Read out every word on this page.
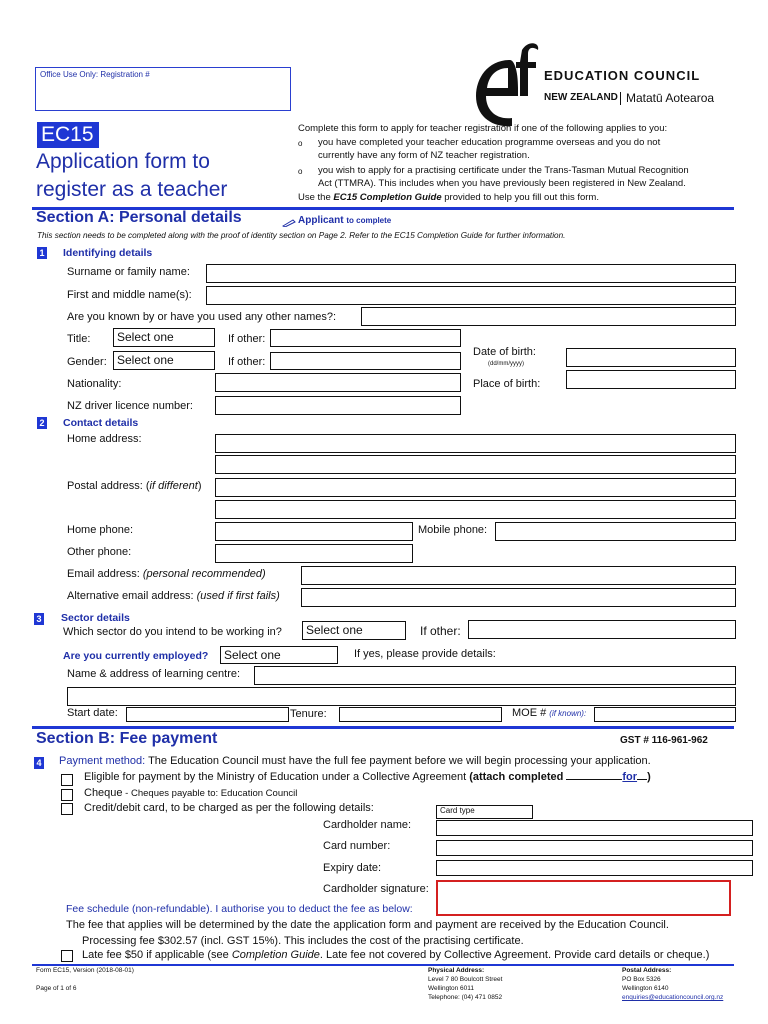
Office Use Only: Registration #	EDUCATION COUNCIL
NEW ZEALAND Matatū Aotearoa
EC15
Application form to
register as a teacher
Complete this form to apply for teacher registration if one of the following applies to you:
o you have completed your teacher education programme overseas and you do not
currently have any form of NZ teacher registration.
o you wish to apply for a practising certificate under the Trans-Tasman Mutual Recognition
Act (TTMRA). This includes when you have previously been registered in New Zealand.
Use the EC15 Completion Guide provided to help you fill out this form.
Section A: Personal details	Applicant to complete
This section needs to be completed along with the proof of identity section on Page 2. Refer to the EC15 Completion Guide for further information.
1 Identifying details
Surname or family name:
First and middle name(s):
Are you known by or have you used any other names?:
Title:	Select one	If other:
Gender: Select one	If other:
Date of birth:
(dd/mm/yyyy)
Nationality:	Place of birth:
NZ driver licence number:
2 Contact details
Home address:
Postal address: (if different)
Home phone:	Mobile phone:
Other phone:
Email address: (personal recommended)
Alternative email address: (used if first fails)
3 Sector details
Which sector do you intend to be working in?	Select one	If other:
Are you currently employed?	Select one	If yes, please provide details:
Name & address of learning centre:
Start date:	Tenure:	MOE # (if known):
Section B: Fee payment	GST # 116-961-962
4 Payment method: The Education Council must have the full fee payment before we will begin processing your application.
Eligible for payment by the Ministry of Education under a Collective Agreement (attach completed	for )
Cheque - Cheques payable to: Education Council
Credit/debit card, to be charged as per the following details:	Card type
Cardholder name:
Card number:
Expiry date:
Cardholder signature:
Fee schedule (non-refundable). I authorise you to deduct the fee as below:
The fee that applies will be determined by the date the application form and payment are received by the Education Council.
Processing fee $302.57 (incl. GST 15%). This includes the cost of the practising certificate.
Late fee $50 if applicable (see Completion Guide. Late fee not covered by Collective Agreement. Provide card details or cheque.)
Form EC15, Version (2018-08-01)
Page of 1 of 6
Physical Address:
Level 7 80 Boulcott Street
Wellington 6011
Telephone: (04) 471 0852
Postal Address:
PO Box 5326
Wellington 6140
enquiries@educationcouncil.org.nz
